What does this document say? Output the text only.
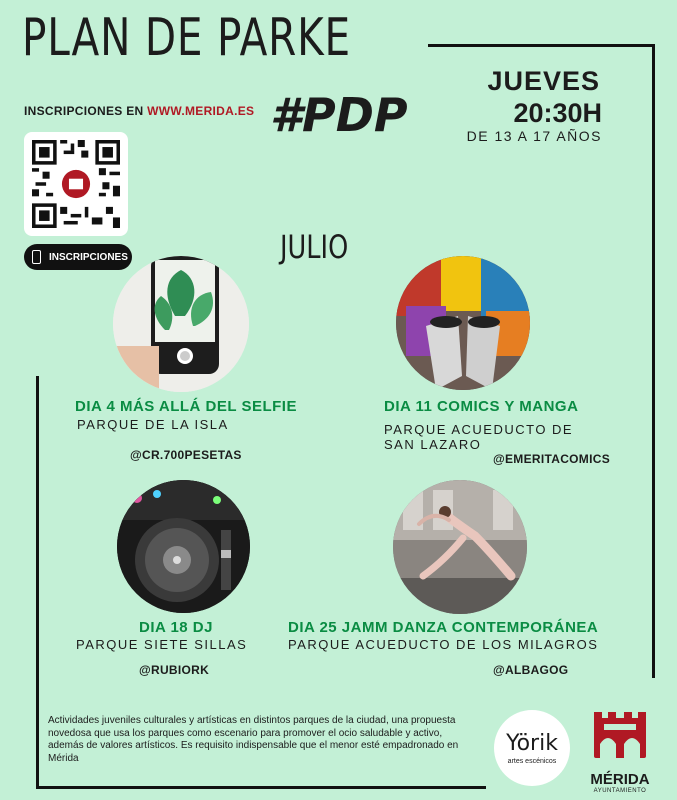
PLAN DE PARKE
#PDP
INSCRIPCIONES EN WWW.MERIDA.ES
INSCRIPCIONES
JUEVES
20:30H
DE 13 A 17 AÑOS
JULIO
DIA 4 MÁS ALLÁ DEL SELFIE
PARQUE DE LA ISLA
@CR.700PESETAS
DIA 11 COMICS Y MANGA
PARQUE ACUEDUCTO DE
SAN LAZARO
@EMERITACOMICS
DIA 18 DJ
PARQUE SIETE SILLAS
@RUBIORK
DIA 25 JAMM DANZA CONTEMPORÁNEA
PARQUE ACUEDUCTO DE LOS MILAGROS
@ALBAGOG
Actividades juveniles culturales y artísticas en distintos parques de la ciudad, una propuesta novedosa que usa los parques como escenario para promover el ocio saludable y activo, además de valores artísticos. Es requisito indispensable que el menor esté empadronado en Mérida
Yörik
artes escénicos
MÉRIDA
AYUNTAMIENTO
